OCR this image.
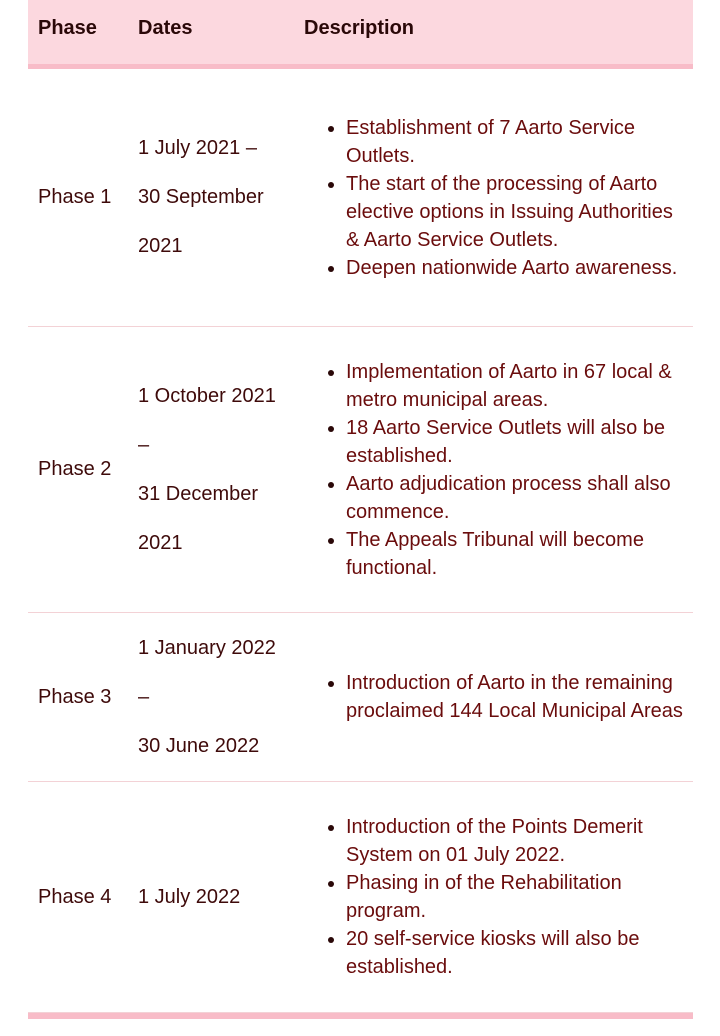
Phase Dates	Description
Phase 1
1 July 2021 –
30 September
2021
Establishment of 7 Aarto Service Outlets.
The start of the processing of Aarto elective options in Issuing Authorities & Aarto Service Outlets.
Deepen nationwide Aarto awareness.
Phase 2
1 October 2021
–
31 December
2021
Implementation of Aarto in 67 local & metro municipal areas.
18 Aarto Service Outlets will also be established.
Aarto adjudication process shall also commence.
The Appeals Tribunal will become functional.
Phase 3
1 January 2022
–
30 June 2022
Introduction of Aarto in the remaining proclaimed 144 Local Municipal Areas
Phase 4 1 July 2022
Introduction of the Points Demerit System on 01 July 2022.
Phasing in of the Rehabilitation program.
20 self-service kiosks will also be established.
